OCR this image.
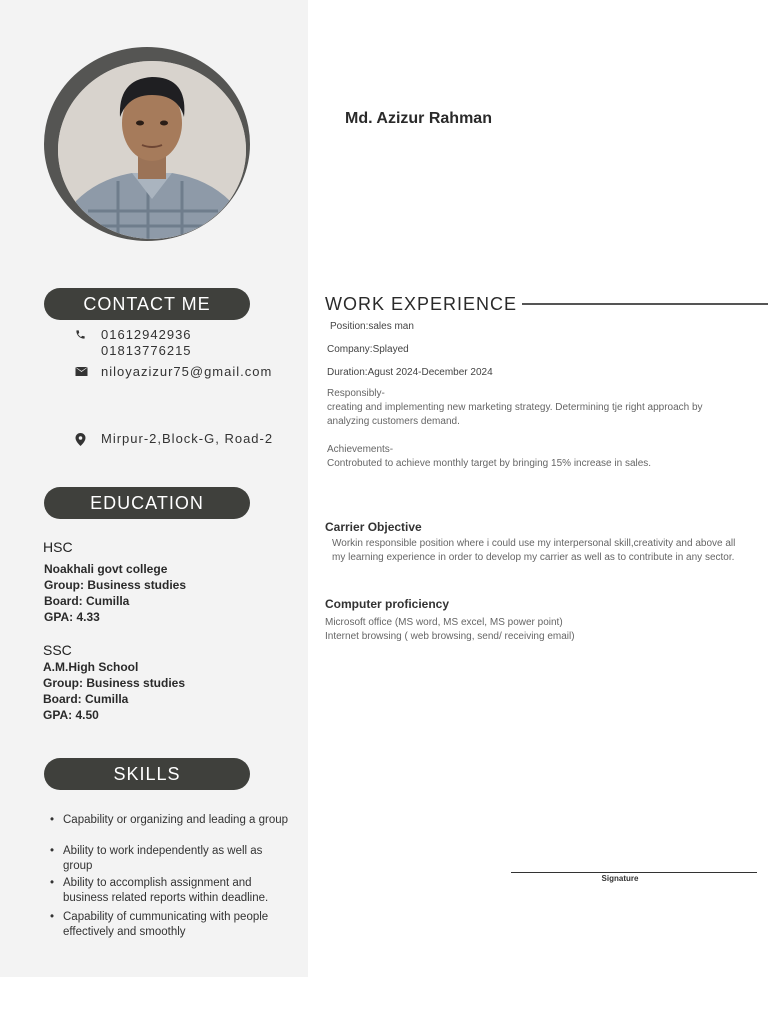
Md. Azizur Rahman
CONTACT ME
01612942936
01813776215
niloyazizur75@gmail.com
Mirpur-2,Block-G, Road-2
EDUCATION
HSC
Noakhali govt college
Group: Business studies
Board: Cumilla
GPA: 4.33
SSC
A.M.High School
Group: Business studies
Board: Cumilla
GPA: 4.50
SKILLS
• Capability or organizing and leading a group
• Ability to work independently as well as
group
• Ability to accomplish assignment and
business related reports within deadline.
• Capability of cummunicating with people
effectively and smoothly
WORK EXPERIENCE
Position:sales man
Company:Splayed
Duration:Agust 2024-December 2024
Responsibly-
creating and implementing new marketing strategy. Determining tje right approach by
analyzing customers demand.
Achievements-
Controbuted to achieve monthly target by bringing 15% increase in sales.
Carrier Objective
Workin responsible position where i could use my interpersonal skill,creativity and above all
my learning experience in order to develop my carrier as well as to contribute in any sector.
Computer proficiency
Microsoft office (MS word, MS excel, MS power point)
Internet browsing ( web browsing, send/ receiving email)
Signature
